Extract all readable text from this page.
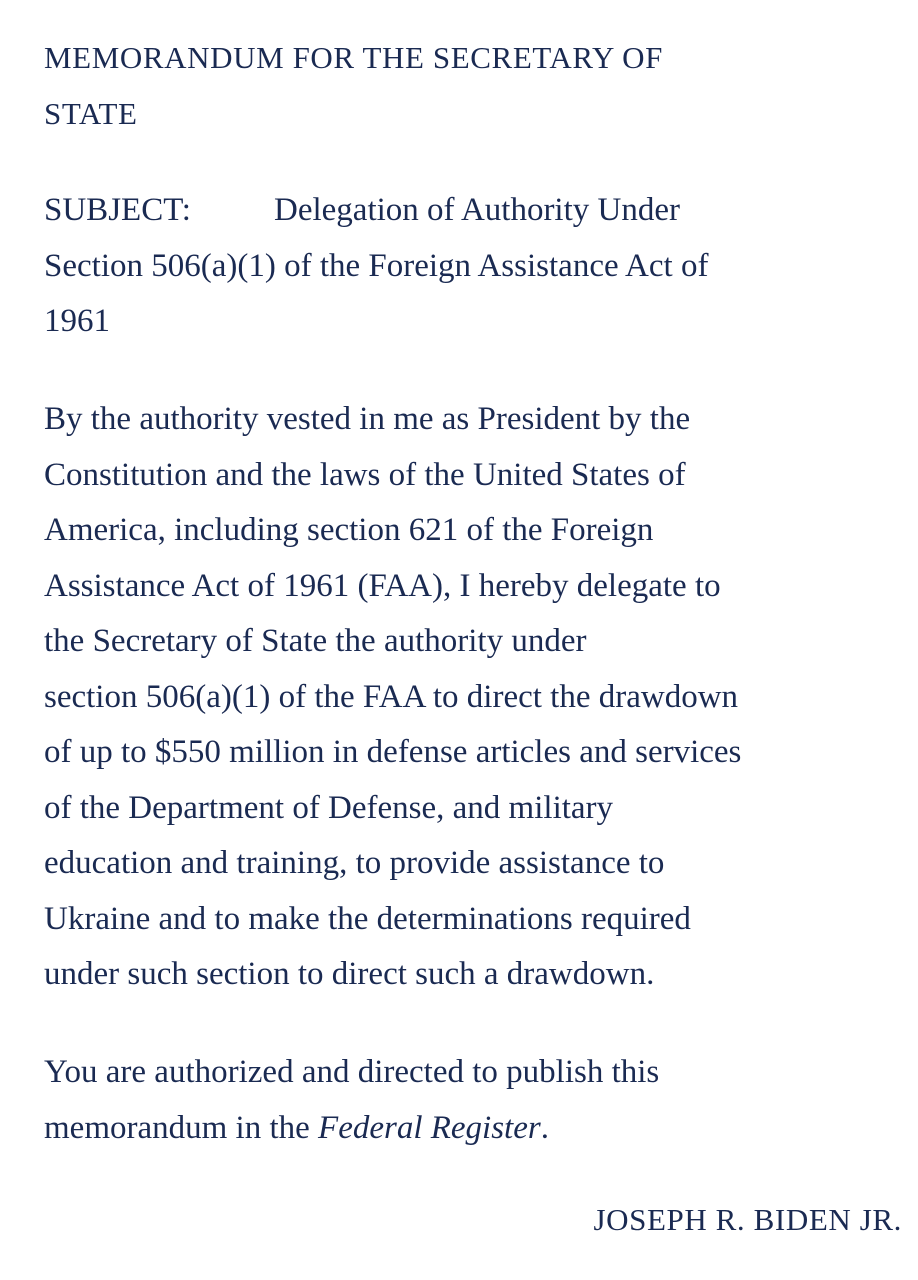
MEMORANDUM FOR THE SECRETARY OF
STATE
SUBJECT:	Delegation of Authority Under
Section 506(a)(1) of the Foreign Assistance Act of
1961
By the authority vested in me as President by the
Constitution and the laws of the United States of
America, including section 621 of the Foreign
Assistance Act of 1961 (FAA), I hereby delegate to
the Secretary of State the authority under
section 506(a)(1) of the FAA to direct the drawdown
of up to $550 million in defense articles and services
of the Department of Defense, and military
education and training, to provide assistance to
Ukraine and to make the determinations required
under such section to direct such a drawdown.
You are authorized and directed to publish this
memorandum in the Federal Register.
JOSEPH R. BIDEN JR.
